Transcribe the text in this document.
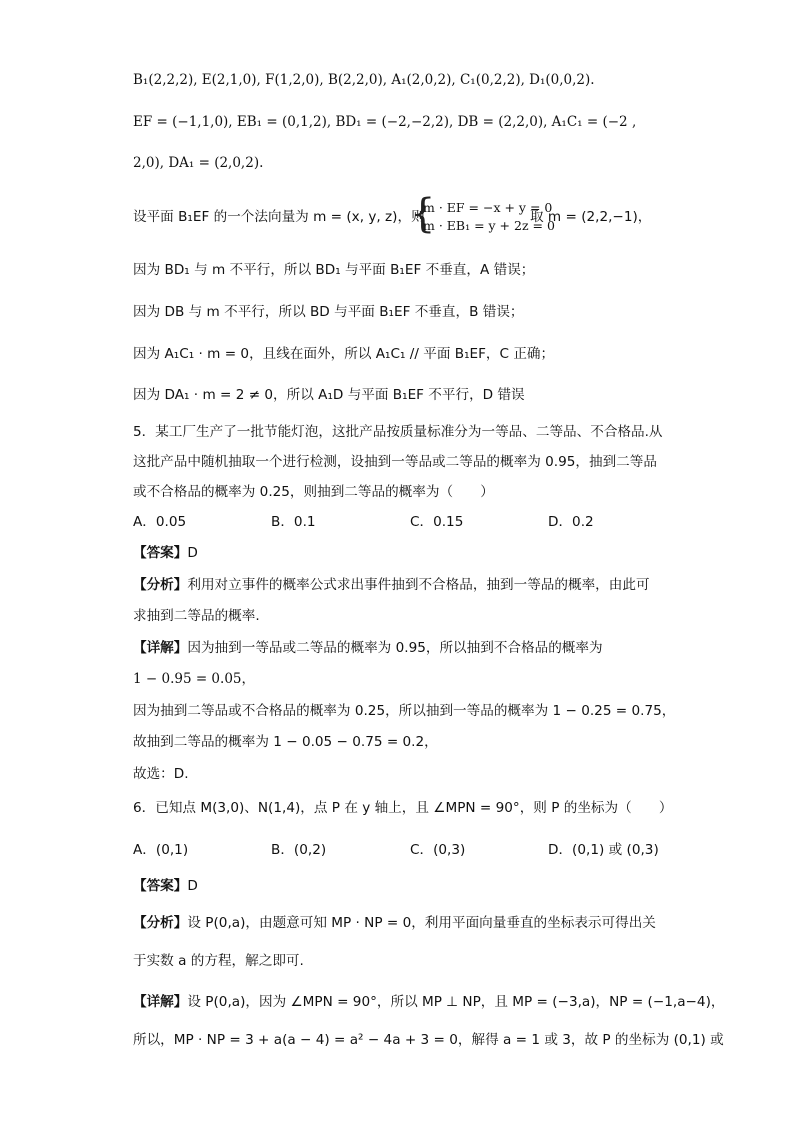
B₁(2,2,2), E(2,1,0), F(1,2,0), B(2,2,0), A₁(2,0,2), C₁(0,2,2), D₁(0,0,2).
EF = (−1,1,0), EB₁ = (0,1,2), BD₁ = (−2,−2,2), DB = (2,2,0), A₁C₁ = (−2 ,
2,0), DA₁ = (2,0,2).
设平面 B₁EF 的一个法向量为 m = (x, y, z)，则
{
m · EF = −x + y = 0
m · EB₁ = y + 2z = 0
取 m = (2,2,−1)，
因为 BD₁ 与 m 不平行，所以 BD₁ 与平面 B₁EF 不垂直，A 错误；
因为 DB 与 m 不平行，所以 BD 与平面 B₁EF 不垂直，B 错误；
因为 A₁C₁ · m = 0，且线在面外，所以 A₁C₁ // 平面 B₁EF，C 正确；
因为 DA₁ · m = 2 ≠ 0，所以 A₁D 与平面 B₁EF 不平行，D 错误
5．某工厂生产了一批节能灯泡，这批产品按质量标准分为一等品、二等品、不合格品.从
这批产品中随机抽取一个进行检测，设抽到一等品或二等品的概率为 0.95，抽到二等品
或不合格品的概率为 0.25，则抽到二等品的概率为（　　）
A．0.05	B．0.1	C．0.15	D．0.2
【答案】D
【分析】利用对立事件的概率公式求出事件抽到不合格品，抽到一等品的概率，由此可
求抽到二等品的概率.
【详解】因为抽到一等品或二等品的概率为 0.95，所以抽到不合格品的概率为
1 − 0.95 = 0.05，
因为抽到二等品或不合格品的概率为 0.25，所以抽到一等品的概率为 1 − 0.25 = 0.75，
故抽到二等品的概率为 1 − 0.05 − 0.75 = 0.2，
故选：D.
6．已知点 M(3,0)、N(1,4)，点 P 在 y 轴上，且 ∠MPN = 90°，则 P 的坐标为（　　）
A．(0,1)	B．(0,2)	C．(0,3)	D．(0,1) 或 (0,3)
【答案】D
【分析】设 P(0,a)，由题意可知 MP · NP = 0，利用平面向量垂直的坐标表示可得出关
于实数 a 的方程，解之即可.
【详解】设 P(0,a)，因为 ∠MPN = 90°，所以 MP ⊥ NP，且 MP = (−3,a)，NP = (−1,a−4)，
所以，MP · NP = 3 + a(a − 4) = a² − 4a + 3 = 0，解得 a = 1 或 3，故 P 的坐标为 (0,1) 或
